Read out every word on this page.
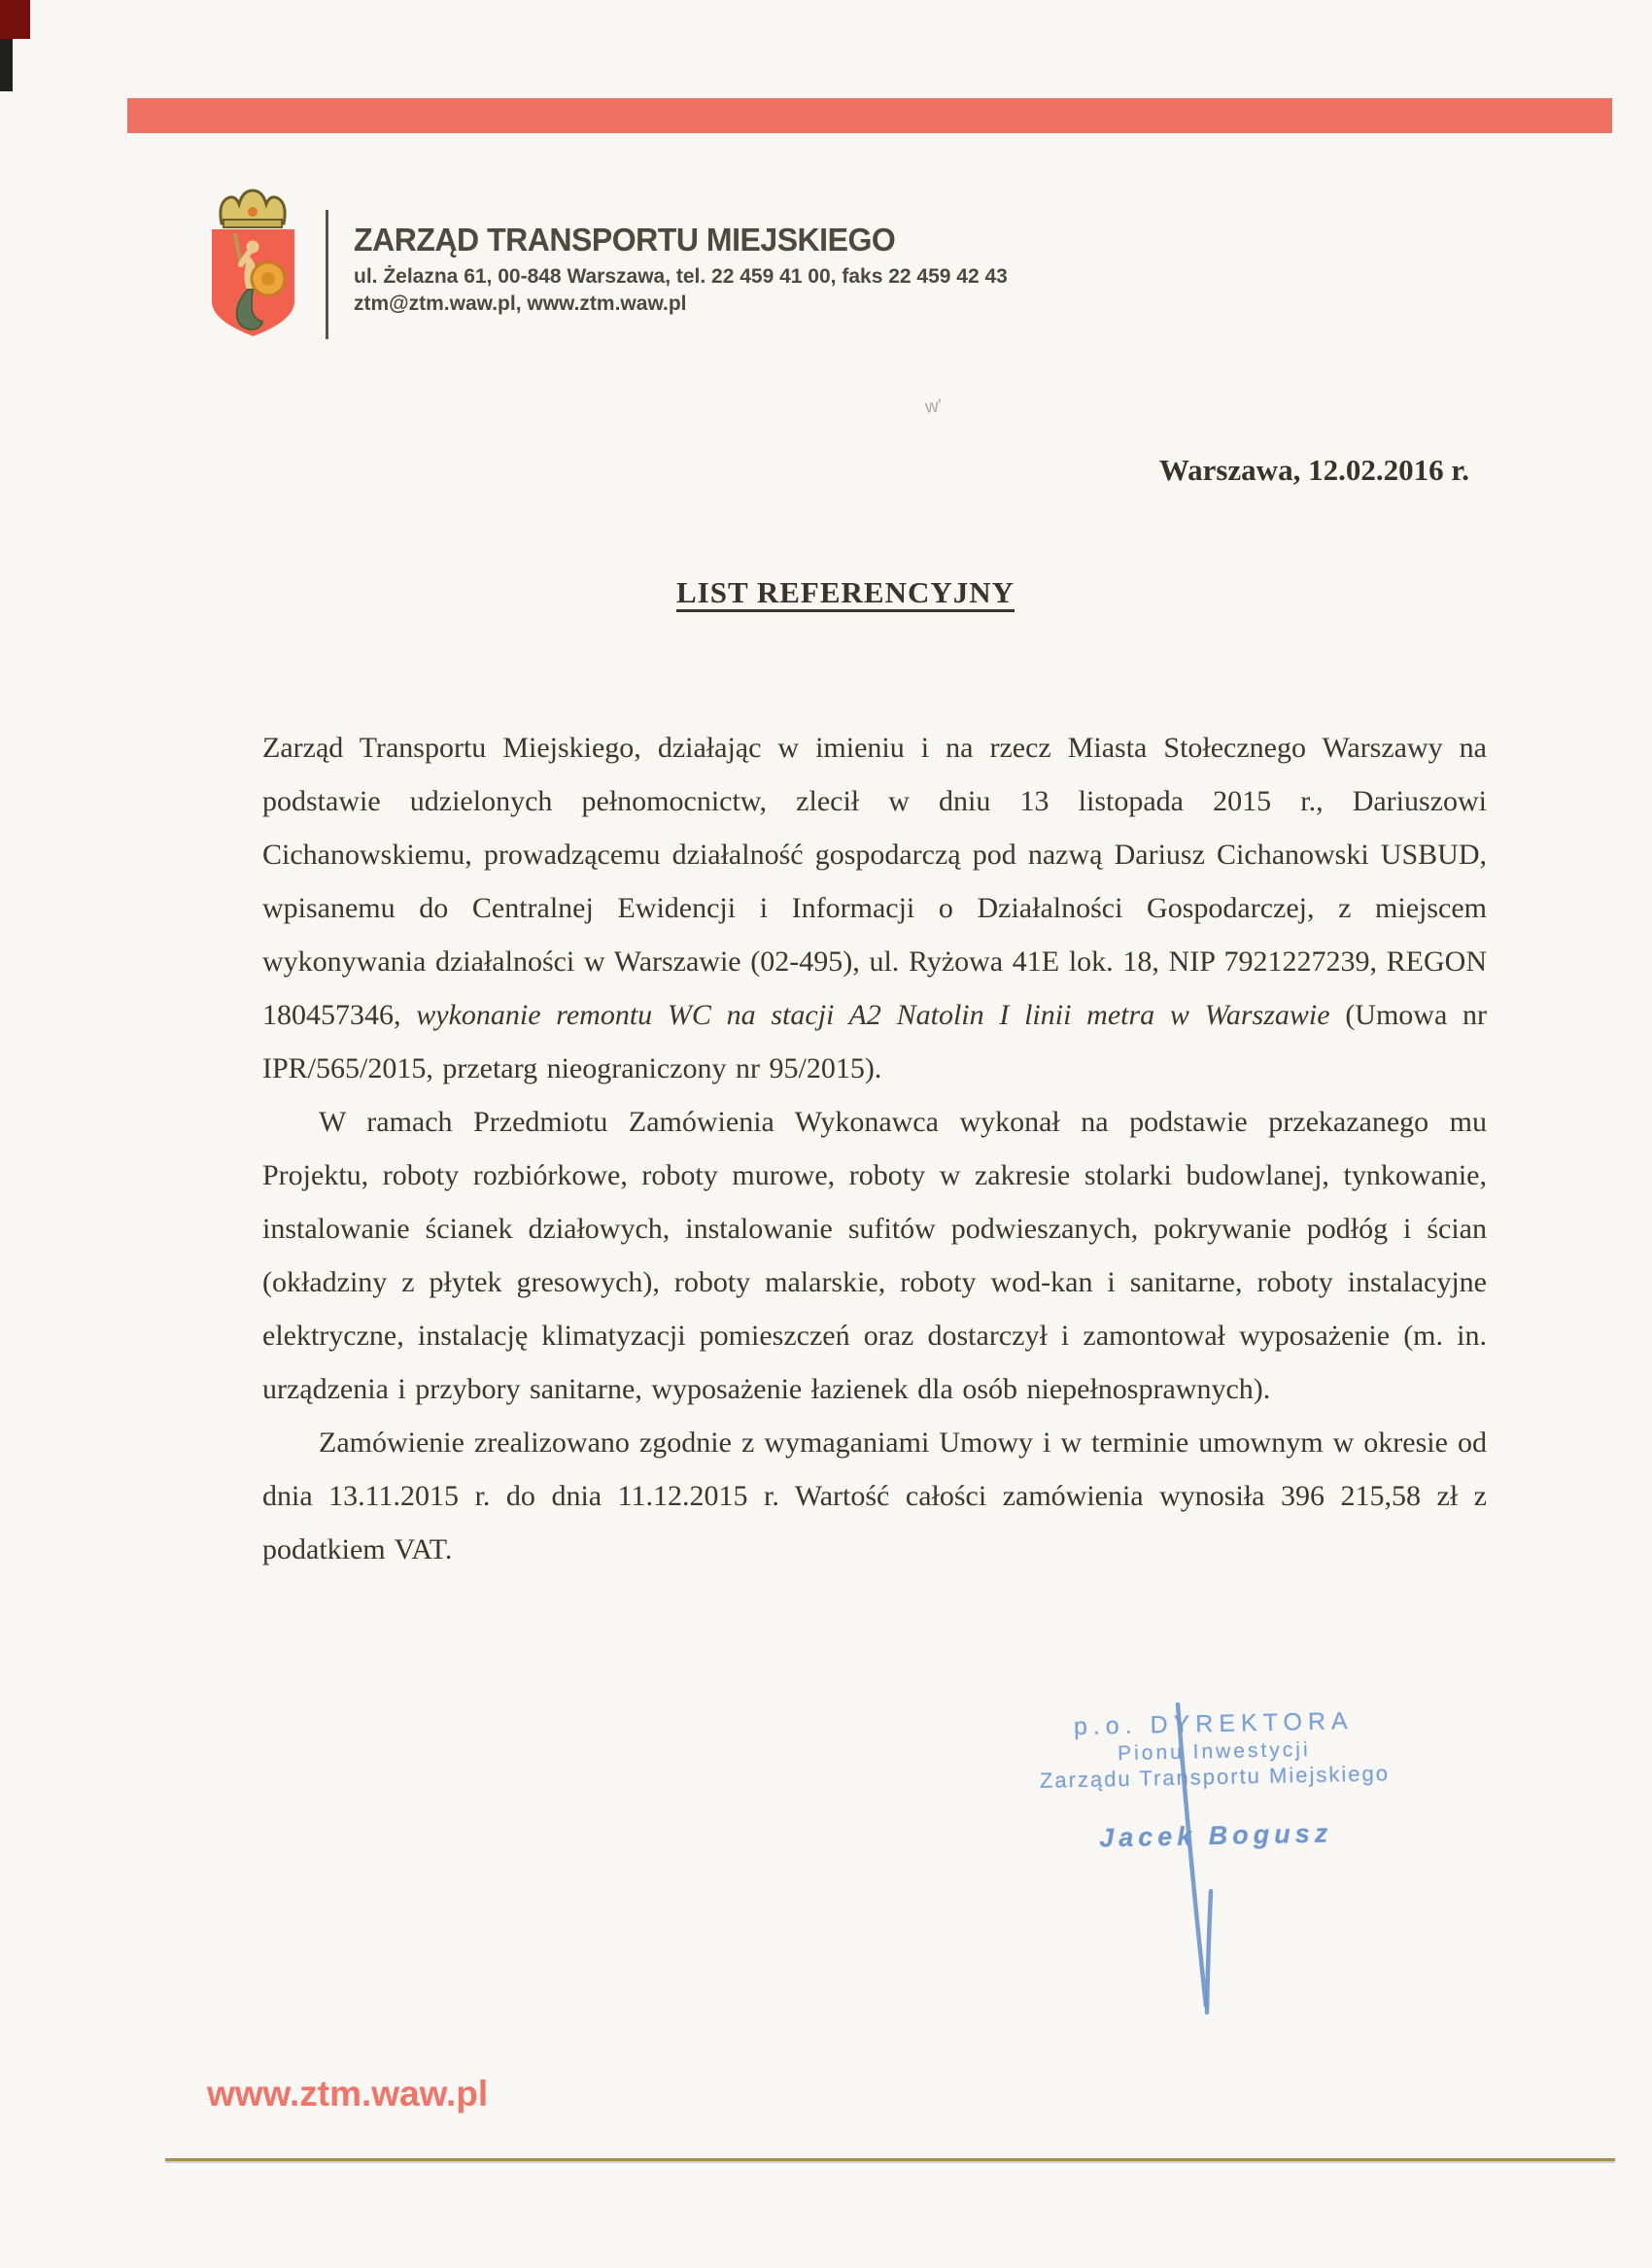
w'
ZARZĄD TRANSPORTU MIEJSKIEGO
ul. Żelazna 61, 00-848 Warszawa, tel. 22 459 41 00, faks 22 459 42 43
ztm@ztm.waw.pl, www.ztm.waw.pl
Warszawa, 12.02.2016 r.
LIST REFERENCYJNY

Zarząd Transportu Miejskiego, działając w imieniu i na rzecz Miasta Stołecznego Warszawy na podstawie udzielonych pełnomocnictw, zlecił w dniu 13 listopada 2015 r., Dariuszowi Cichanowskiemu, prowadzącemu działalność gospodarczą pod nazwą Dariusz Cichanowski USBUD, wpisanemu do Centralnej Ewidencji i Informacji o Działalności Gospodarczej, z miejscem wykonywania działalności w Warszawie (02-495), ul. Ryżowa 41E lok. 18, NIP 7921227239, REGON 180457346, wykonanie remontu WC na stacji A2 Natolin I linii metra w Warszawie (Umowa nr IPR/565/2015, przetarg nieograniczony nr 95/2015).

W ramach Przedmiotu Zamówienia Wykonawca wykonał na podstawie przekazanego mu Projektu, roboty rozbiórkowe, roboty murowe, roboty w zakresie stolarki budowlanej, tynkowanie, instalowanie ścianek działowych, instalowanie sufitów podwieszanych, pokrywanie podłóg i ścian (okładziny z płytek gresowych), roboty malarskie, roboty wod-kan i sanitarne, roboty instalacyjne elektryczne, instalację klimatyzacji pomieszczeń oraz dostarczył i zamontował wyposażenie (m. in. urządzenia i przybory sanitarne, wyposażenie łazienek dla osób niepełnosprawnych).

Zamówienie zrealizowano zgodnie z wymaganiami Umowy i w terminie umownym w okresie od dnia 13.11.2015 r. do dnia 11.12.2015 r. Wartość całości zamówienia wynosiła 396 215,58 zł z podatkiem VAT.

p.o. DYREKTORA
Pionu Inwestycji
Zarządu Transportu Miejskiego
Jacek Bogusz
www.ztm.waw.pl
